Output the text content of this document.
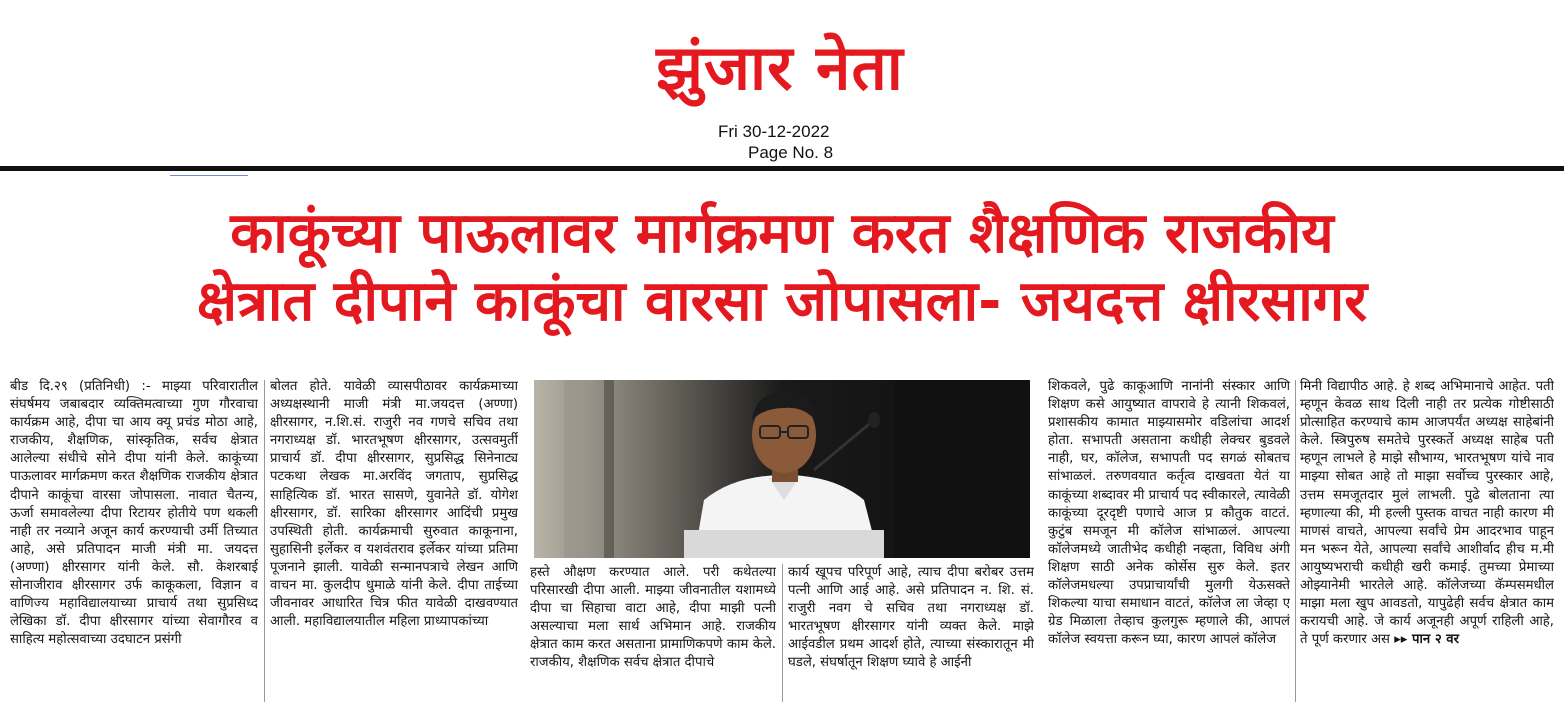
झुंजार नेता
Fri 30-12-2022
Page No. 8
काकूंच्या पाऊलावर मार्गक्रमण करत शैक्षणिक राजकीय
क्षेत्रात दीपाने काकूंचा वारसा जोपासला- जयदत्त क्षीरसागर

बीड दि.२९ (प्रतिनिधी) :- माझ्या परिवारातील संघर्षमय जबाबदार व्यक्तिमत्वाच्या गुण गौरवाचा कार्यक्रम आहे, दीपा चा आय क्यू प्रचंड मोठा आहे, राजकीय, शैक्षणिक, सांस्कृतिक, सर्वच क्षेत्रात आलेल्या संधीचे सोने दीपा यांनी केले. काकूंच्या पाऊलावर मार्गक्रमण करत शैक्षणिक राजकीय क्षेत्रात दीपाने काकूंचा वारसा जोपासला. नावात चैतन्य, ऊर्जा समावलेल्या दीपा रिटायर होतीये पण थकली नाही तर नव्याने अजून कार्य करण्याची उर्मी तिच्यात आहे, असे प्रतिपादन माजी मंत्री मा. जयदत्त (अण्णा) क्षीरसागर यांनी केले. सौ. केशरबाई सोनाजीराव क्षीरसागर उर्फ काकूकला, विज्ञान व वाणिज्य महाविद्यालयाच्या प्राचार्य तथा सुप्रसिध्द लेखिका डॉ. दीपा क्षीरसागर यांच्या सेवागौरव व साहित्य महोत्सवाच्या उदघाटन प्रसंगी

बोलत होते. यावेळी व्यासपीठावर कार्यक्रमाच्या अध्यक्षस्थानी माजी मंत्री मा.जयदत्त (अण्णा) क्षीरसागर, न.शि.सं. राजुरी नव गणचे सचिव तथा नगराध्यक्ष डॉ. भारतभूषण क्षीरसागर, उत्सवमुर्ती प्राचार्य डॉ. दीपा क्षीरसागर, सुप्रसिद्ध सिनेनाट्य पटकथा लेखक मा.अरविंद जगताप, सुप्रसिद्ध साहित्यिक डॉ. भारत सासणे, युवानेते डॉ. योगेश क्षीरसागर, डॉ. सारिका क्षीरसागर आदिंची प्रमुख उपस्थिती होती. कार्यक्रमाची सुरुवात काकूनाना, सुहासिनी इर्लेकर व यशवंतराव इर्लेकर यांच्या प्रतिमा पूजनाने झाली. यावेळी सन्मानपत्राचे लेखन आणि वाचन मा. कुलदीप धुमाळे यांनी केले. दीपा ताईच्या जीवनावर आधारित चित्र फीत यावेळी दाखवण्यात आली. महाविद्यालयातील महिला प्राध्यापकांच्या

हस्ते औक्षण करण्यात आले. परी कथेतल्या परिसारखी दीपा आली. माझ्या जीवनातील यशामध्ये दीपा चा सिहाचा वाटा आहे, दीपा माझी पत्नी असल्याचा मला सार्थ अभिमान आहे. राजकीय क्षेत्रात काम करत असताना प्रामाणिकपणे काम केले. राजकीय, शैक्षणिक सर्वच क्षेत्रात दीपाचे

कार्य खूपच परिपूर्ण आहे, त्याच दीपा बरोबर उत्तम पत्नी आणि आई आहे. असे प्रतिपादन न. शि. सं. राजुरी नवग चे सचिव तथा नगराध्यक्ष डॉ. भारतभूषण क्षीरसागर यांनी व्यक्त केले. माझे आईवडील प्रथम आदर्श होते, त्याच्या संस्कारातून मी घडले, संघर्षातून शिक्षण घ्यावे हे आईनी

शिकवले, पुढे काकूआणि नानांनी संस्कार आणि शिक्षण कसे आयुष्यात वापरावे हे त्यानी शिकवलं, प्रशासकीय कामात माझ्यासमोर वडिलांचा आदर्श होता. सभापती असताना कधीही लेक्चर बुडवले नाही, घर, कॉलेज, सभापती पद सगळं सोबतच सांभाळलं. तरुणवयात कर्तृत्व दाखवता येतं या काकूंच्या शब्दावर मी प्राचार्य पद स्वीकारले, त्यावेळी काकूंच्या दूरदृष्टी पणाचे आज प्र कौतुक वाटतं. कुटुंब समजून मी कॉलेज सांभाळलं. आपल्या कॉलेजमध्ये जातीभेद कधीही नव्हता, विविध अंगी शिक्षण साठी अनेक कोर्सेस सुरु केले. इतर कॉलेजमधल्या उपप्राचार्यांची मुलगी येऊसक्ते शिकल्या याचा समाधान वाटतं, कॉलेज ला जेव्हा ए ग्रेड मिळाला तेव्हाच कुलगुरू म्हणाले की, आपलं कॉलेज स्वयत्ता करून घ्या, कारण आपलं कॉलेज

मिनी विद्यापीठ आहे. हे शब्द अभिमानाचे आहेत. पती म्हणून केवळ साथ दिली नाही तर प्रत्येक गोष्टीसाठी प्रोत्साहित करण्याचे काम आजपर्यंत अध्यक्ष साहेबांनी केले. स्त्रिपुरुष समतेचे पुरस्कर्ते अध्यक्ष साहेब पती म्हणून लाभले हे माझे सौभाग्य, भारतभूषण यांचे नाव माझ्या सोबत आहे तो माझा सर्वोच्च पुरस्कार आहे, उत्तम समजूतदार मुलं लाभली. पुढे बोलताना त्या म्हणाल्या की, मी हल्ली पुस्तक वाचत नाही कारण मी माणसं वाचते, आपल्या सर्वांचे प्रेम आदरभाव पाहून मन भरून येते, आपल्या सर्वांचे आशीर्वाद हीच म.मी आयुष्यभराची कधीही खरी कमाई. तुमच्या प्रेमाच्या ओझ्यानेमी भारतेले आहे. कॉलेजच्या कॅम्पसमधील माझा मला खुप आवडतो, यापुढेही सर्वच क्षेत्रात काम करायची आहे. जे कार्य अजूनही अपूर्ण राहिली आहे, ते पूर्ण करणार अस ▸▸ पान २ वर
